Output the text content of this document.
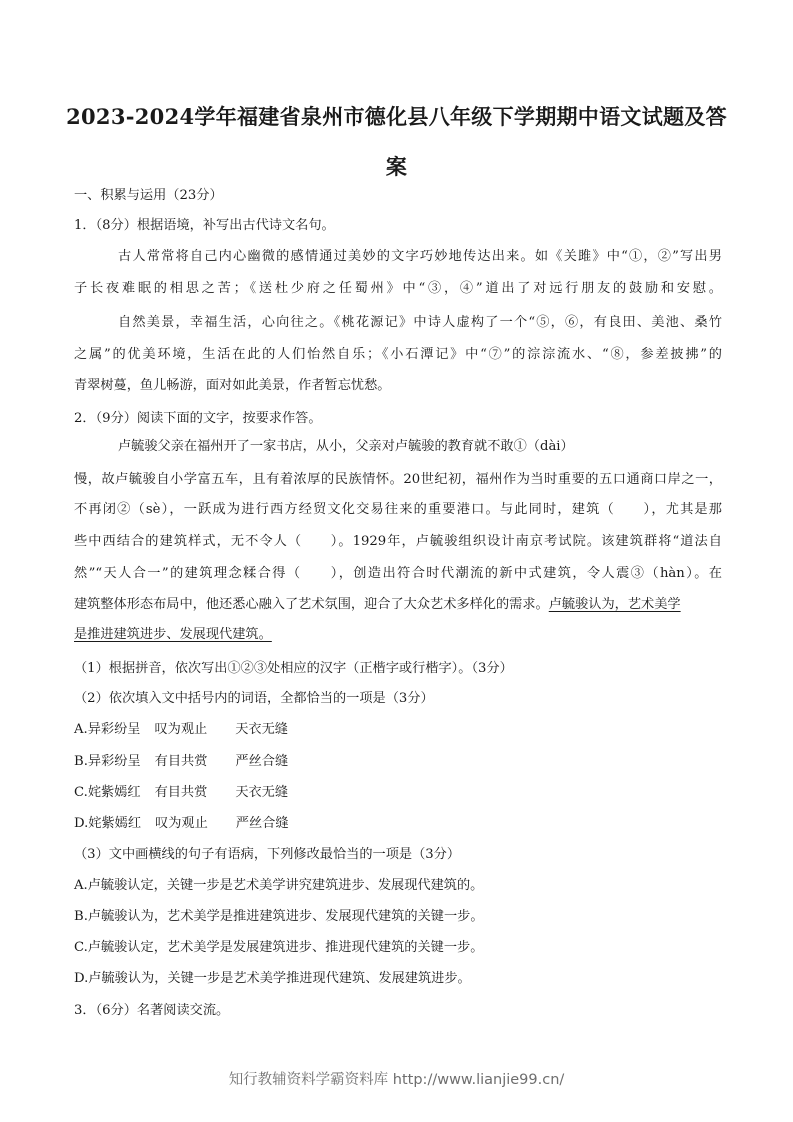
2023-2024学年福建省泉州市德化县八年级下学期期中语文试题及答
案
一、积累与运用（23分）
1．（8分）根据语境，补写出古代诗文名句。
古人常常将自己内心幽微的感情通过美妙的文字巧妙地传达出来。如《关雎》中“①，②”写出男
子长夜难眠的相思之苦；《送杜少府之任蜀州》中“③，④”道出了对远行朋友的鼓励和安慰。
自然美景，幸福生活，心向往之。《桃花源记》中诗人虚构了一个“⑤，⑥，有良田、美池、桑竹
之属”的优美环境，生活在此的人们怡然自乐；《小石潭记》中“⑦”的淙淙流水、“⑧，参差披拂”的
青翠树蔓，鱼儿畅游，面对如此美景，作者暂忘忧愁。
2．（9分）阅读下面的文字，按要求作答。
卢毓骏父亲在福州开了一家书店，从小，父亲对卢毓骏的教育就不敢①（dài）
慢，故卢毓骏自小学富五车，且有着浓厚的民族情怀。20世纪初，福州作为当时重要的五口通商口岸之一，
不再闭②（sè），一跃成为进行西方经贸文化交易往来的重要港口。与此同时，建筑（　　），尤其是那
些中西结合的建筑样式，无不令人（　　）。1929年，卢毓骏组织设计南京考试院。该建筑群将“道法自
然”“天人合一”的建筑理念糅合得（　　），创造出符合时代潮流的新中式建筑，令人震③（hàn）。在
建筑整体形态布局中，他还悉心融入了艺术氛围，迎合了大众艺术多样化的需求。卢毓骏认为，艺术美学
是推进建筑进步、发展现代建筑。
（1）根据拼音，依次写出①②③处相应的汉字（正楷字或行楷字）。（3分）
（2）依次填入文中括号内的词语，全都恰当的一项是（3分）
A.异彩纷呈 叹为观止 天衣无缝
B.异彩纷呈 有目共赏 严丝合缝
C.姹紫嫣红 有目共赏 天衣无缝
D.姹紫嫣红 叹为观止 严丝合缝
（3）文中画横线的句子有语病，下列修改最恰当的一项是（3分）
A.卢毓骏认定，关键一步是艺术美学讲究建筑进步、发展现代建筑的。
B.卢毓骏认为，艺术美学是推进建筑进步、发展现代建筑的关键一步。
C.卢毓骏认定，艺术美学是发展建筑进步、推进现代建筑的关键一步。
D.卢毓骏认为，关键一步是艺术美学推进现代建筑、发展建筑进步。
3．（6分）名著阅读交流。
知行教辅资料学霸资料库 http://www.lianjie99.cn/
